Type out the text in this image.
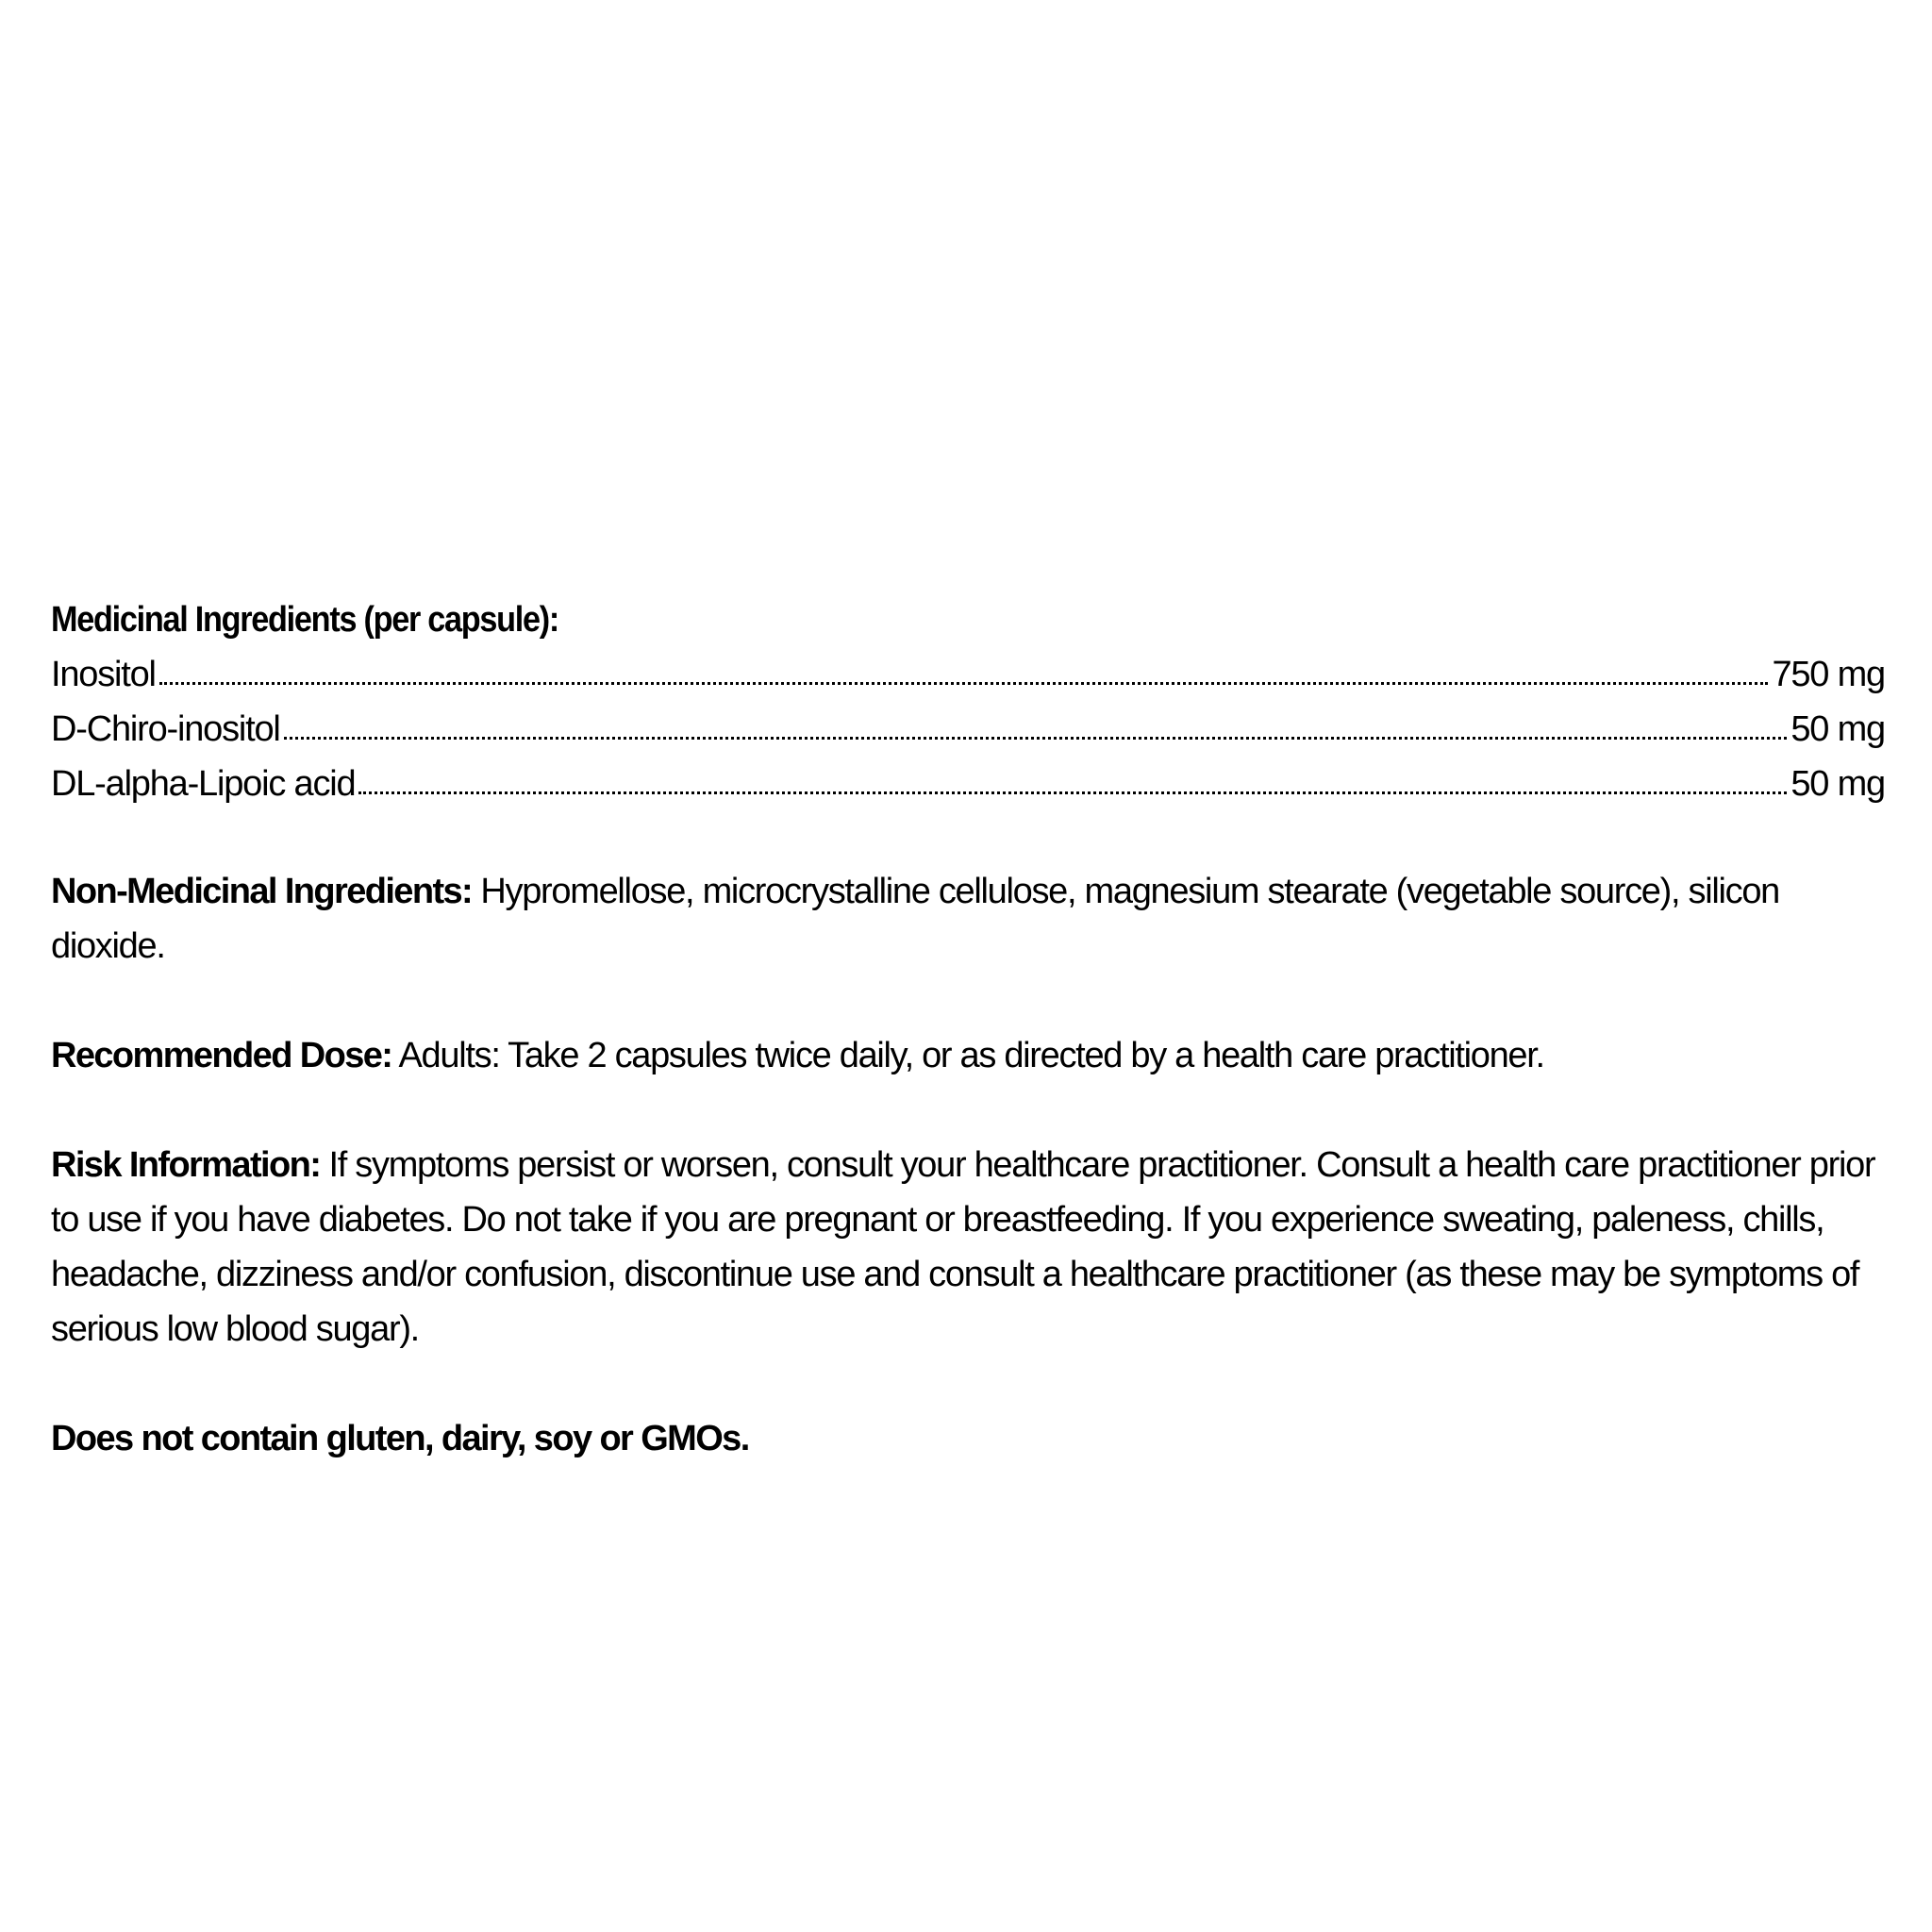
Medicinal Ingredients (per capsule):
Inositol	750 mg
D-Chiro-inositol	50 mg
DL-alpha-Lipoic acid	50 mg

Non-Medicinal Ingredients: Hypromellose, microcrystalline cellulose, magnesium stearate (vegetable source), silicon dioxide.

Recommended Dose: Adults: Take 2 capsules twice daily, or as directed by a health care practitioner.

Risk Information: If symptoms persist or worsen, consult your healthcare practitioner. Consult a health care practitioner prior to use if you have diabetes. Do not take if you are pregnant or breastfeeding. If you experience sweating, paleness, chills, headache, dizziness and/or confusion, discontinue use and consult a healthcare practitioner (as these may be symptoms of serious low blood sugar).

Does not contain gluten, dairy, soy or GMOs.
